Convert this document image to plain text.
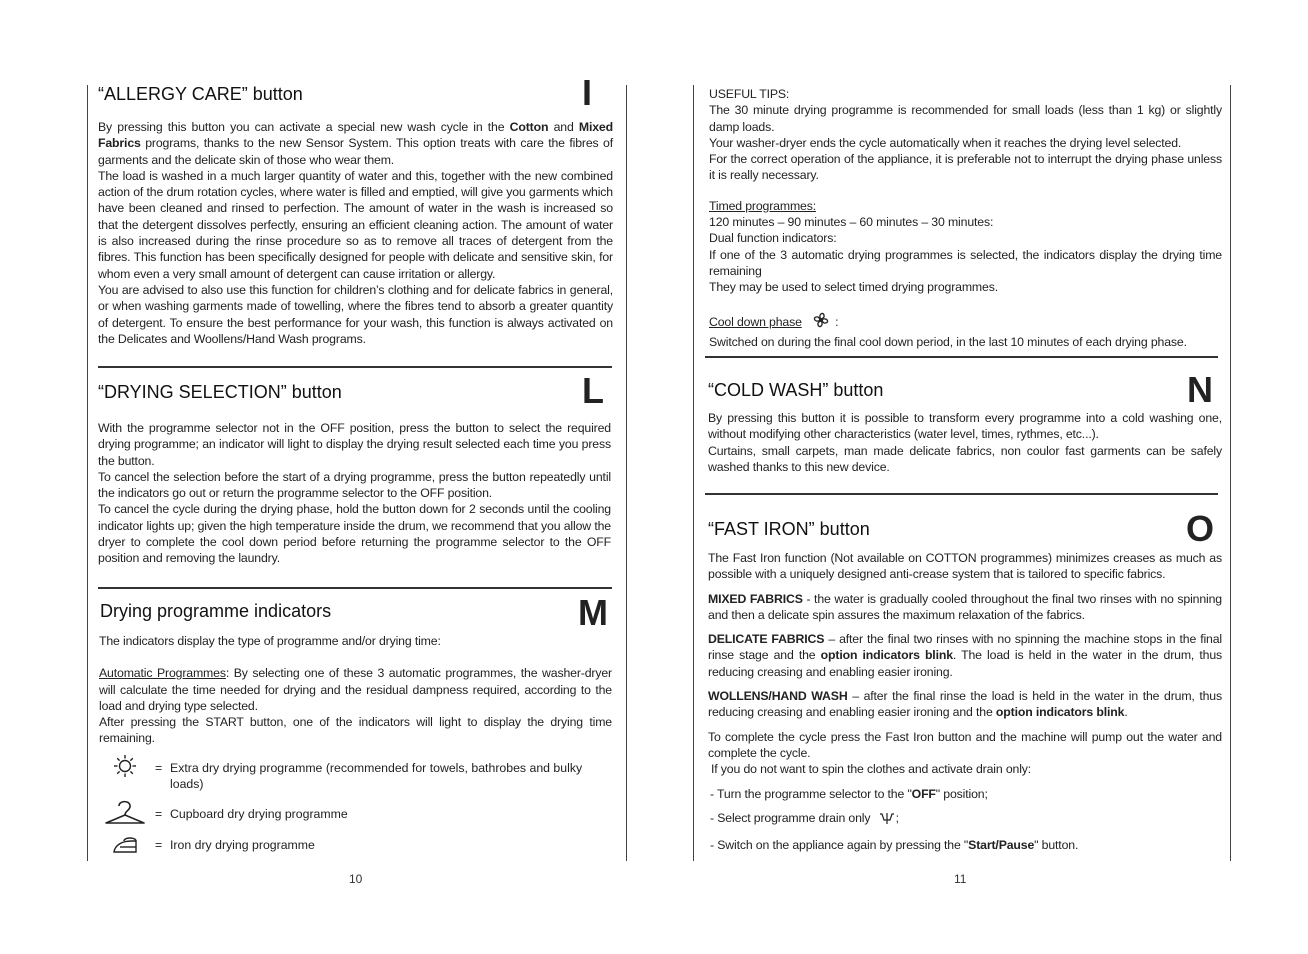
“ALLERGY CARE” button	I

By pressing this button you can activate a special new wash cycle in the Cotton and Mixed Fabrics programs, thanks to the new Sensor System. This option treats with care the fibres of garments and the delicate skin of those who wear them.

The load is washed in a much larger quantity of water and this, together with the new combined action of the drum rotation cycles, where water is filled and emptied, will give you garments which have been cleaned and rinsed to perfection. The amount of water in the wash is increased so that the detergent dissolves perfectly, ensuring an efficient cleaning action. The amount of water is also increased during the rinse procedure so as to remove all traces of detergent from the fibres. This function has been specifically designed for people with delicate and sensitive skin, for whom even a very small amount of detergent can cause irritation or allergy.

You are advised to also use this function for children’s clothing and for delicate fabrics in general, or when washing garments made of towelling, where the fibres tend to absorb a greater quantity of detergent. To ensure the best performance for your wash, this function is always activated on the Delicates and Woollens/Hand Wash programs.

“DRYING SELECTION” button	L

With the programme selector not in the OFF position, press the button to select the required drying programme; an indicator will light to display the drying result selected each time you press the button.

To cancel the selection before the start of a drying programme, press the button repeatedly until the indicators go out or return the programme selector to the OFF position.

To cancel the cycle during the drying phase, hold the button down for 2 seconds until the cooling indicator lights up; given the high temperature inside the drum, we recommend that you allow the dryer to complete the cool down period before returning the programme selector to the OFF position and removing the laundry.

Drying programme indicators	M

The indicators display the type of programme and/or drying time:

Automatic Programmes: By selecting one of these 3 automatic programmes, the washer-dryer will calculate the time needed for drying and the residual dampness required, according to the load and drying type selected.

After pressing the START button, one of the indicators will light to display the drying time remaining.

= Extra dry drying programme (recommended for towels, bathrobes and bulky loads)
= Cupboard dry drying programme
= Iron dry drying programme
10

USEFUL TIPS:

The 30 minute drying programme is recommended for small loads (less than 1 kg) or slightly damp loads.

Your washer-dryer ends the cycle automatically when it reaches the drying level selected.

For the correct operation of the appliance, it is preferable not to interrupt the drying phase unless it is really necessary.

Timed programmes:

120 minutes – 90 minutes – 60 minutes – 30 minutes:

Dual function indicators:

If one of the 3 automatic drying programmes is selected, the indicators display the drying time remaining

They may be used to select timed drying programmes.

Cool down phase	:

Switched on during the final cool down period, in the last 10 minutes of each drying phase.

“COLD WASH” button	N

By pressing this button it is possible to transform every programme into a cold washing one, without modifying other characteristics (water level, times, rythmes, etc...).

Curtains, small carpets, man made delicate fabrics, non coulor fast garments can be safely washed thanks to this new device.

“FAST IRON” button	O

The Fast Iron function (Not available on COTTON programmes) minimizes creases as much as possible with a uniquely designed anti-crease system that is tailored to specific fabrics.

MIXED FABRICS - the water is gradually cooled throughout the final two rinses with no spinning and then a delicate spin assures the maximum relaxation of the fabrics.

DELICATE FABRICS – after the final two rinses with no spinning the machine stops in the final rinse stage and the option indicators blink. The load is held in the water in the drum, thus reducing creasing and enabling easier ironing.

WOLLENS/HAND WASH – after the final rinse the load is held in the water in the drum, thus reducing creasing and enabling easier ironing and the option indicators blink.

To complete the cycle press the Fast Iron button and the machine will pump out the water and complete the cycle.

If you do not want to spin the clothes and activate drain only:

- Turn the programme selector to the "OFF" position;

- Select programme drain only ;

- Switch on the appliance again by pressing the "Start/Pause" button.

11
